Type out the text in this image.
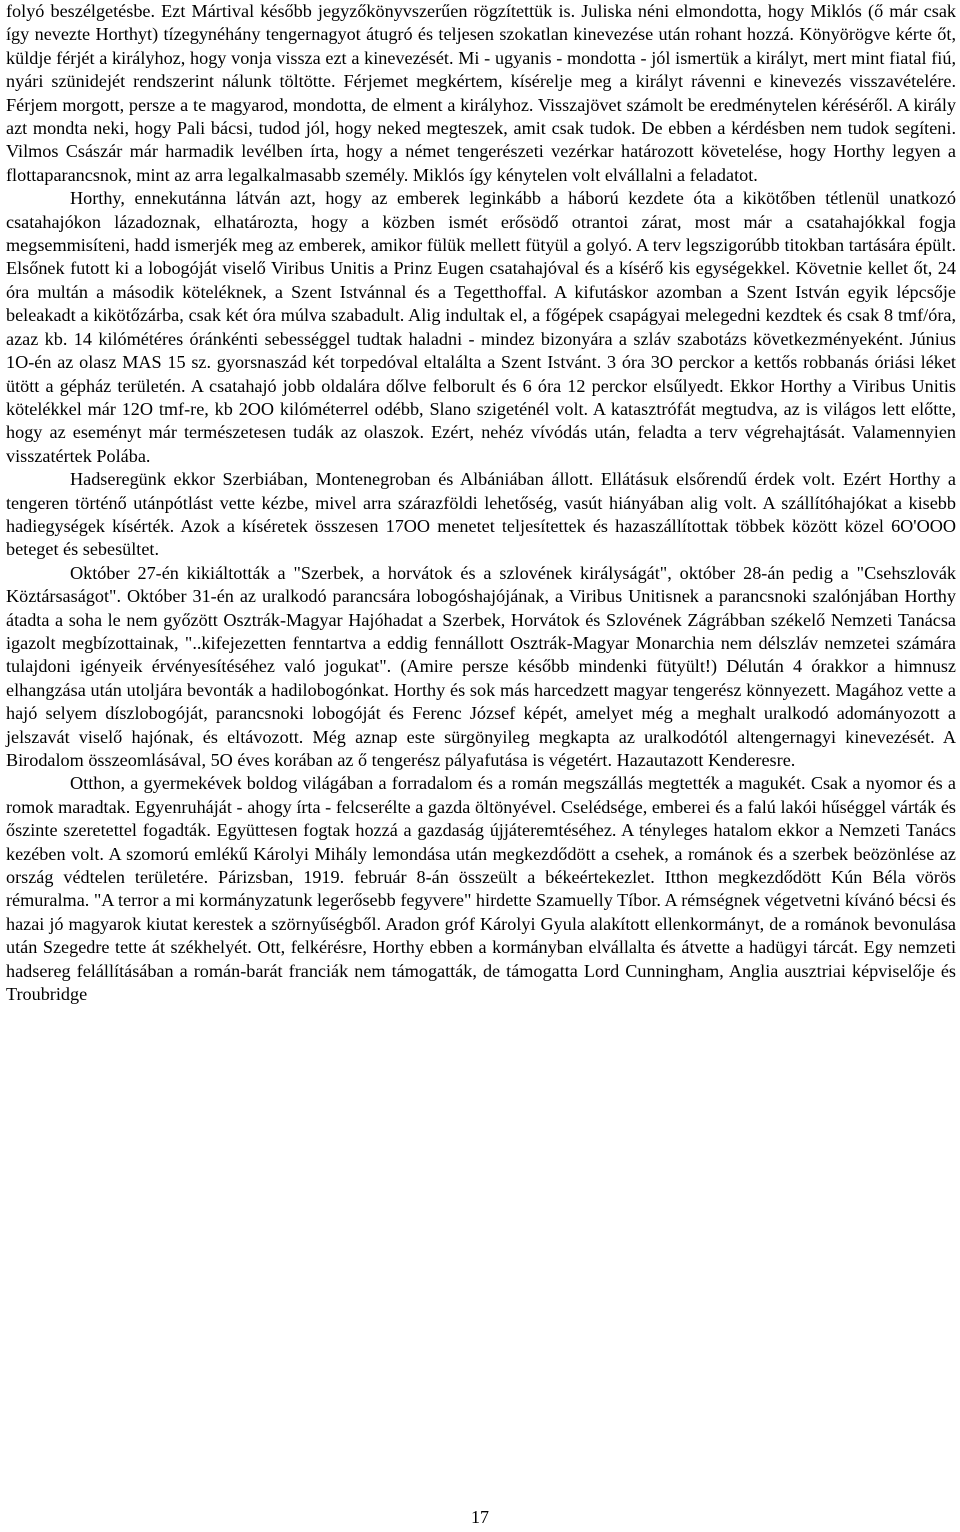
folyó beszélgetésbe. Ezt Mártival később jegyzőkönyvszerűen rögzítettük is. Juliska néni elmondotta, hogy Miklós (ő már csak így nevezte Horthyt) tízegynéhány tengernagyot átugró és teljesen szokatlan kinevezése után rohant hozzá. Könyörögve kérte őt, küldje férjét a királyhoz, hogy vonja vissza ezt a kinevezését. Mi - ugyanis - mondotta - jól ismertük a királyt, mert mint fiatal fiú, nyári szünidejét rendszerint nálunk töltötte. Férjemet megkértem, kísérelje meg a királyt rávenni e kinevezés visszavételére. Férjem morgott, persze a te magyarod, mondotta, de elment a királyhoz. Visszajövet számolt be eredménytelen kéréséről. A király azt mondta neki, hogy Pali bácsi, tudod jól, hogy neked megteszek, amit csak tudok. De ebben a kérdésben nem tudok segíteni. Vilmos Császár már harmadik levélben írta, hogy a német tengerészeti vezérkar határozott követelése, hogy Horthy legyen a flottaparancsnok, mint az arra legalkalmasabb személy. Miklós így kénytelen volt elvállalni a feladatot.

Horthy, ennekutánna látván azt, hogy az emberek leginkább a háború kezdete óta a kikötőben tétlenül unatkozó csatahajókon lázadoznak, elhatározta, hogy a közben ismét erősödő otrantoi zárat, most már a csatahajókkal fogja megsemmisíteni, hadd ismerjék meg az emberek, amikor fülük mellett fütyül a golyó. A terv legszigorúbb titokban tartására épült. Elsőnek futott ki a lobogóját viselő Viribus Unitis a Prinz Eugen csatahajóval és a kísérő kis egységekkel. Követnie kellet őt, 24 óra multán a második köteléknek, a Szent Istvánnal és a Tegetthoffal. A kifutáskor azomban a Szent István egyik lépcsője beleakadt a kikötőzárba, csak két óra múlva szabadult. Alig indultak el, a főgépek csapágyai melegedni kezdtek és csak 8 tmf/óra, azaz kb. 14 kilómétéres óránkénti sebességgel tudtak haladni - mindez bizonyára a szláv szabotázs következményeként. Június 1O-én az olasz MAS 15 sz. gyorsnaszád két torpedóval eltalálta a Szent Istvánt. 3 óra 3O perckor a kettős robbanás óriási léket ütött a gépház területén. A csatahajó jobb oldalára dőlve felborult és 6 óra 12 perckor elsűlyedt. Ekkor Horthy a Viribus Unitis kötelékkel már 12O tmf-re, kb 2OO kilóméterrel odébb, Slano szigeténél volt. A katasztrófát megtudva, az is világos lett előtte, hogy az eseményt már természetesen tudák az olaszok. Ezért, nehéz vívódás után, feladta a terv végrehajtását. Valamennyien visszatértek Polába.

Hadseregünk ekkor Szerbiában, Montenegroban és Albániában állott. Ellátásuk elsőrendű érdek volt. Ezért Horthy a tengeren történő utánpótlást vette kézbe, mivel arra szárazföldi lehetőség, vasút hiányában alig volt. A szállítóhajókat a kisebb hadiegységek kísérték. Azok a kíséretek összesen 17OO menetet teljesítettek és hazaszállítottak többek között közel 6O'OOO beteget és sebesültet.

Október 27-én kikiáltották a "Szerbek, a horvátok és a szlovének királyságát", október 28-án pedig a "Csehszlovák Köztársaságot". Október 31-én az uralkodó parancsára lobogóshajójának, a Viribus Unitisnek a parancsnoki szalónjában Horthy átadta a soha le nem győzött Osztrák-Magyar Hajóhadat a Szerbek, Horvátok és Szlovének Zágrábban székelő Nemzeti Tanácsa igazolt megbízottainak, "..kifejezetten fenntartva a eddig fennállott Osztrák-Magyar Monarchia nem délszláv nemzetei számára tulajdoni igényeik érvényesítéséhez való jogukat". (Amire persze később mindenki fütyült!) Délután 4 órakkor a himnusz elhangzása után utoljára bevonták a hadilobogónkat. Horthy és sok más harcedzett magyar tengerész könnyezett. Magához vette a hajó selyem díszlobogóját, parancsnoki lobogóját és Ferenc József képét, amelyet még a meghalt uralkodó adományozott a jelszavát viselő hajónak, és eltávozott. Még aznap este sürgönyileg megkapta az uralkodótól altengernagyi kinevezését. A Birodalom összeomlásával, 5O éves korában az ő tengerész pályafutása is végetért. Hazautazott Kenderesre.

Otthon, a gyermekévek boldog világában a forradalom és a román megszállás megtették a magukét. Csak a nyomor és a romok maradtak. Egyenruháját - ahogy írta - felcserélte a gazda öltönyével. Cselédsége, emberei és a falú lakói hűséggel várták és őszinte szeretettel fogadták. Együttesen fogtak hozzá a gazdaság újjáteremtéséhez. A tényleges hatalom ekkor a Nemzeti Tanács kezében volt. A szomorú emlékű Károlyi Mihály lemondása után megkezdődött a csehek, a románok és a szerbek beözönlése az ország védtelen területére. Párizsban, 1919. február 8-án összeült a békeértekezlet. Itthon megkezdődött Kún Béla vörös rémuralma. "A terror a mi kormányzatunk legerősebb fegyvere" hirdette Szamuelly Tíbor. A rémségnek végetvetni kívánó bécsi és hazai jó magyarok kiutat kerestek a szörnyűségből. Aradon gróf Károlyi Gyula alakított ellenkormányt, de a románok bevonulása után Szegedre tette át székhelyét. Ott, felkérésre, Horthy ebben a kormányban elvállalta és átvette a hadügyi tárcát. Egy nemzeti hadsereg felállításában a román-barát franciák nem támogatták, de támogatta Lord Cunningham, Anglia ausztriai képviselője és Troubridge

17
